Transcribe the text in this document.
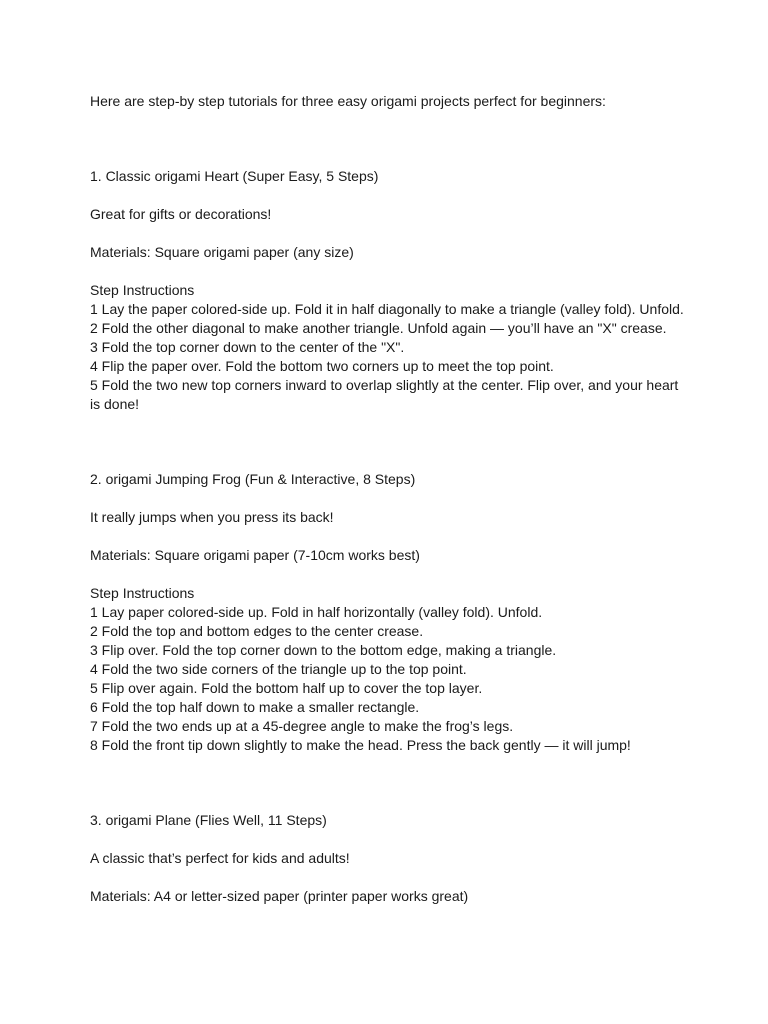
Here are step-by step tutorials for three easy origami projects perfect for beginners:

1. Classic origami Heart (Super Easy, 5 Steps)

Great for gifts or decorations!

Materials: Square origami paper (any size)

Step Instructions

1 Lay the paper colored-side up. Fold it in half diagonally to make a triangle (valley fold). Unfold.

2 Fold the other diagonal to make another triangle. Unfold again — you’ll have an "X" crease.

3 Fold the top corner down to the center of the "X".

4 Flip the paper over. Fold the bottom two corners up to meet the top point.

5 Fold the two new top corners inward to overlap slightly at the center. Flip over, and your heart is done!

2. origami Jumping Frog (Fun & Interactive, 8 Steps)

It really jumps when you press its back!

Materials: Square origami paper (7-10cm works best)

Step Instructions

1 Lay paper colored-side up. Fold in half horizontally (valley fold). Unfold.

2 Fold the top and bottom edges to the center crease.

3 Flip over. Fold the top corner down to the bottom edge, making a triangle.

4 Fold the two side corners of the triangle up to the top point.

5 Flip over again. Fold the bottom half up to cover the top layer.

6 Fold the top half down to make a smaller rectangle.

7 Fold the two ends up at a 45-degree angle to make the frog’s legs.

8 Fold the front tip down slightly to make the head. Press the back gently — it will jump!

3. origami Plane (Flies Well, 11 Steps)

A classic that’s perfect for kids and adults!

Materials: A4 or letter-sized paper (printer paper works great)
